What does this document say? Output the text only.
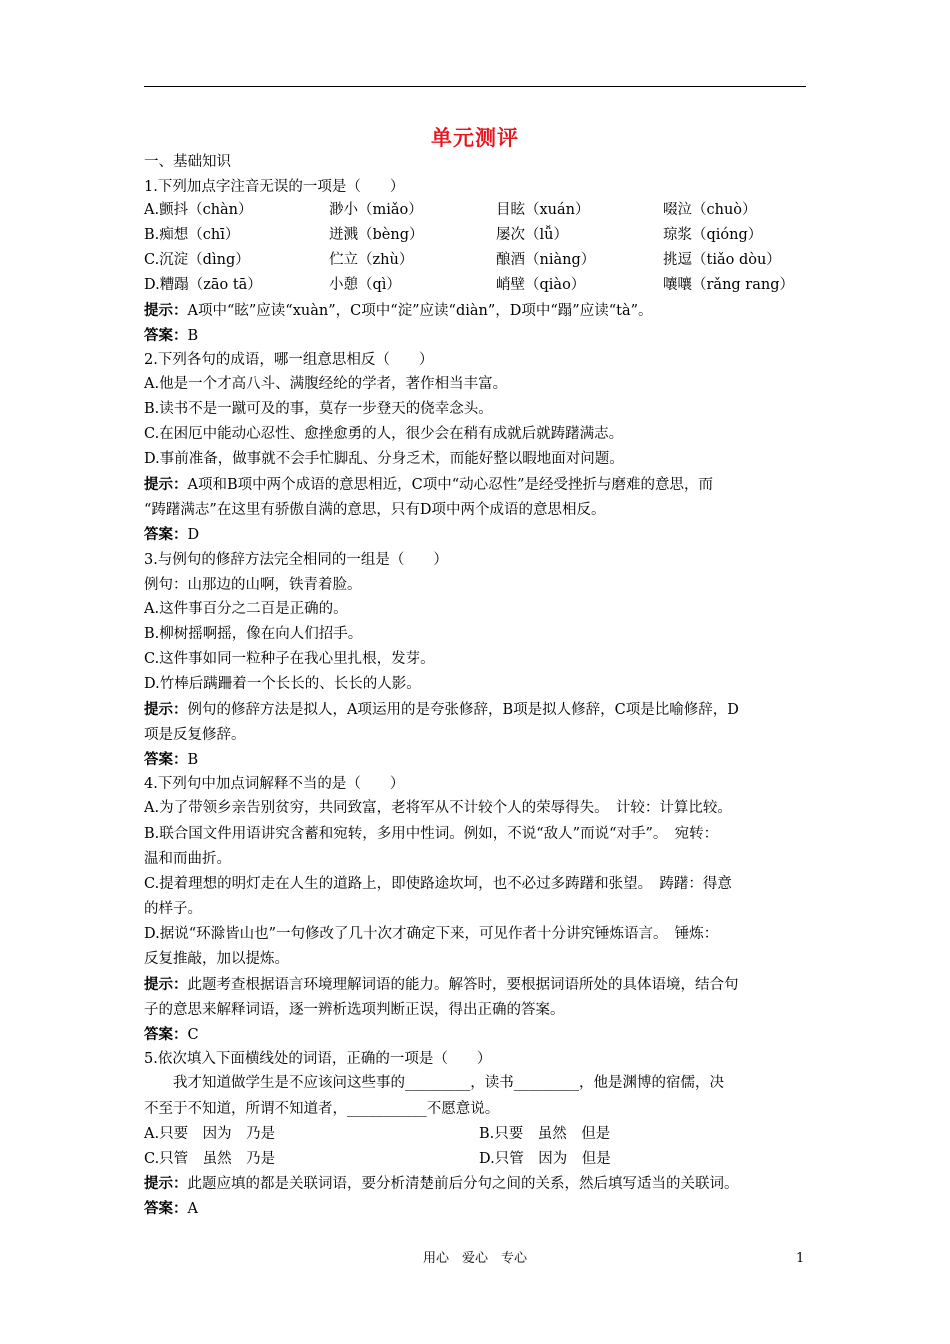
单元测评
一、基础知识
1.下列加点字注音无误的一项是（　　）
A.颤抖（chàn）	渺小（miǎo）	目眩（xuán）	啜泣（chuò）
B.痴想（chī）	迸溅（bèng）	屡次（lǚ）	琼浆（qióng）
C.沉淀（dìng）	伫立（zhù）	酿酒（niàng）	挑逗（tiǎo dòu）
D.糟蹋（zāo tā）	小憩（qì）	峭壁（qiào）	嚷嚷（rǎng rang）
提示：A项中“眩”应读“xuàn”，C项中“淀”应读“diàn”，D项中“蹋”应读“tà”。
答案：B
2.下列各句的成语，哪一组意思相反（　　）
A.他是一个才高八斗、满腹经纶的学者，著作相当丰富。
B.读书不是一蹴可及的事，莫存一步登天的侥幸念头。
C.在困厄中能动心忍性、愈挫愈勇的人，很少会在稍有成就后就踌躇满志。
D.事前准备，做事就不会手忙脚乱、分身乏术，而能好整以暇地面对问题。
提示：A项和B项中两个成语的意思相近，C项中“动心忍性”是经受挫折与磨难的意思，而
“踌躇满志”在这里有骄傲自满的意思，只有D项中两个成语的意思相反。
答案：D
3.与例句的修辞方法完全相同的一组是（　　）
例句：山那边的山啊，铁青着脸。
A.这件事百分之二百是正确的。
B.柳树摇啊摇，像在向人们招手。
C.这件事如同一粒种子在我心里扎根，发芽。
D.竹棒后蹒跚着一个长长的、长长的人影。
提示：例句的修辞方法是拟人，A项运用的是夸张修辞，B项是拟人修辞，C项是比喻修辞，D
项是反复修辞。
答案：B
4.下列句中加点词解释不当的是（　　）
A.为了带领乡亲告别贫穷，共同致富，老将军从不计较个人的荣辱得失。　计较：计算比较。
B.联合国文件用语讲究含蓄和宛转，多用中性词。例如，不说“敌人”而说“对手”。　宛转：
温和而曲折。
C.提着理想的明灯走在人生的道路上，即使路途坎坷，也不必过多踌躇和张望。　踌躇：得意
的样子。
D.据说“环滁皆山也”一句修改了几十次才确定下来，可见作者十分讲究锤炼语言。　锤炼：
反复推敲，加以提炼。
提示：此题考查根据语言环境理解词语的能力。解答时，要根据词语所处的具体语境，结合句
子的意思来解释词语，逐一辨析选项判断正误，得出正确的答案。
答案：C
5.依次填入下面横线处的词语，正确的一项是（　　）
　　我才知道做学生是不应该问这些事的_________，读书_________，他是渊博的宿儒，决
不至于不知道，所谓不知道者，___________不愿意说。
A.只要　因为　乃是	B.只要　虽然　但是
C.只管　虽然　乃是	D.只管　因为　但是
提示：此题应填的都是关联词语，要分析清楚前后分句之间的关系，然后填写适当的关联词。
答案：A
用心　爱心　专心	1
